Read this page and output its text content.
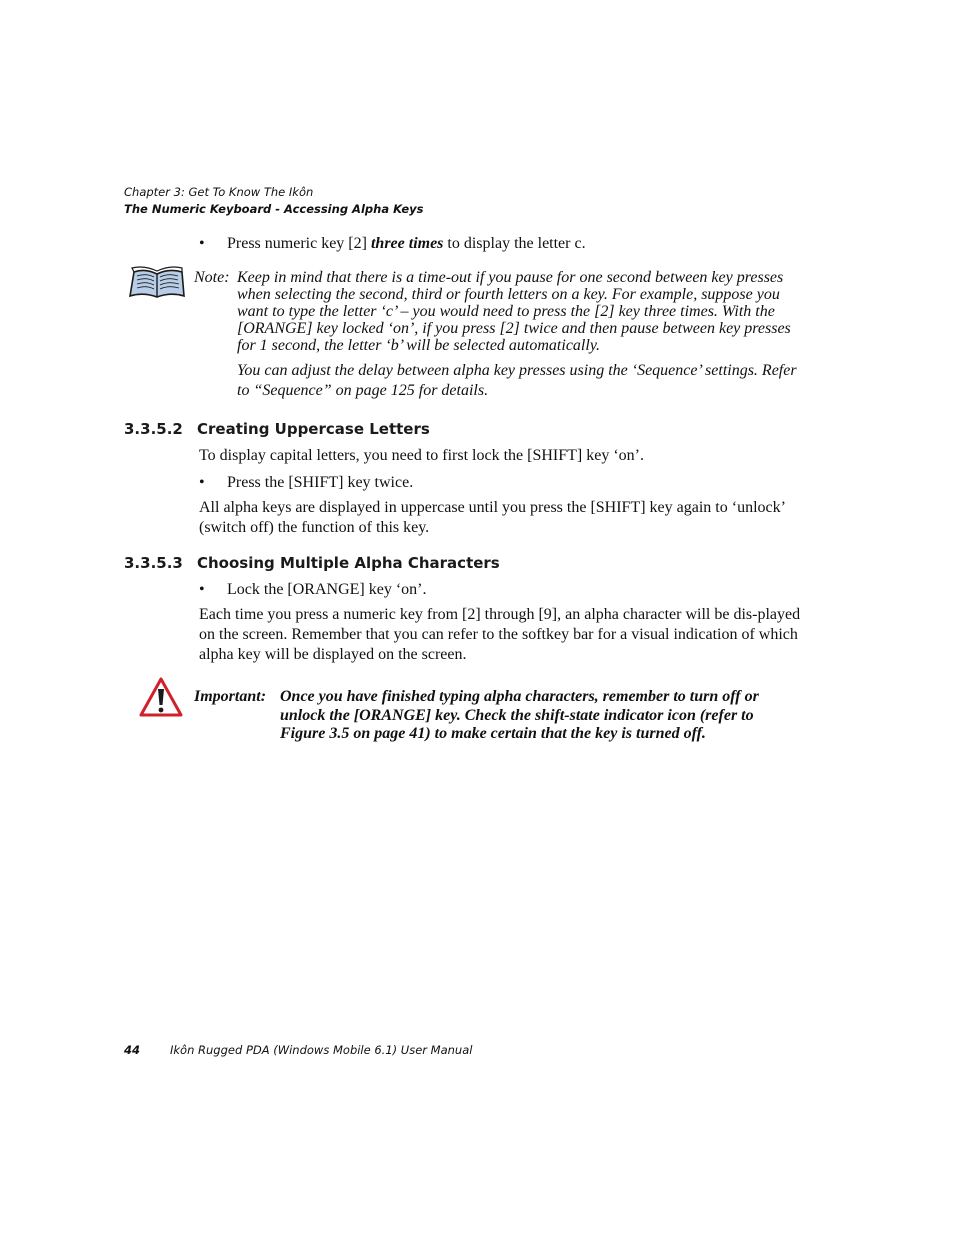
Chapter 3: Get To Know The Ikôn
The Numeric Keyboard - Accessing Alpha Keys
• Press numeric key [2] three times to display the letter c.
Note: Keep in mind that there is a time-out if you pause for one second between key presses when selecting the second, third or fourth letters on a key. For example, suppose you want to type the letter ‘c’ – you would need to press the [2] key three times. With the [ORANGE] key locked ‘on’, if you press [2] twice and then pause between key presses for 1 second, the letter ‘b’ will be selected automatically.

You can adjust the delay between alpha key presses using the ‘Sequence’ settings. Refer to “Sequence” on page 125 for details.

3.3.5.2 Creating Uppercase Letters

To display capital letters, you need to first lock the [SHIFT] key ‘on’.

• Press the [SHIFT] key twice.

All alpha keys are displayed in uppercase until you press the [SHIFT] key again to ‘unlock’ (switch off) the function of this key.

3.3.5.3 Choosing Multiple Alpha Characters
• Lock the [ORANGE] key ‘on’.

Each time you press a numeric key from [2] through [9], an alpha character will be dis-played on the screen. Remember that you can refer to the softkey bar for a visual indication of which alpha key will be displayed on the screen.

Important: Once you have finished typing alpha characters, remember to turn off or unlock the [ORANGE] key. Check the shift-state indicator icon (refer to Figure 3.5 on page 41) to make certain that the key is turned off.
44	Ikôn Rugged PDA (Windows Mobile 6.1) User Manual
